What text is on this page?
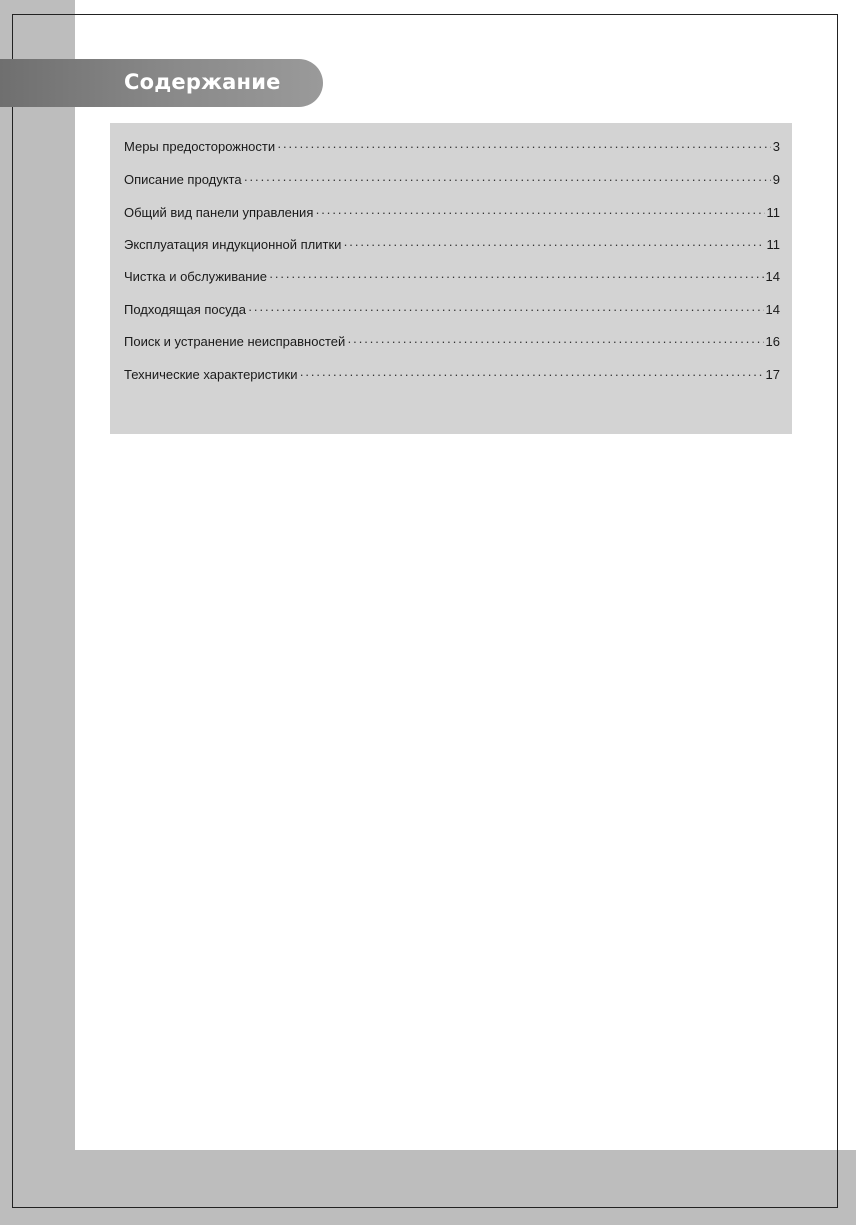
Содержание
Меры предосторожности ·····	3
Описание продукта ·····	9
Общий вид панели управления ·····	11
Эксплуатация индукционной плитки ·····	11
Чистка и обслуживание ·····	14
Подходящая посуда ·····	14
Поиск и устранение неисправностей ·····	16
Технические характеристики ·····	17
